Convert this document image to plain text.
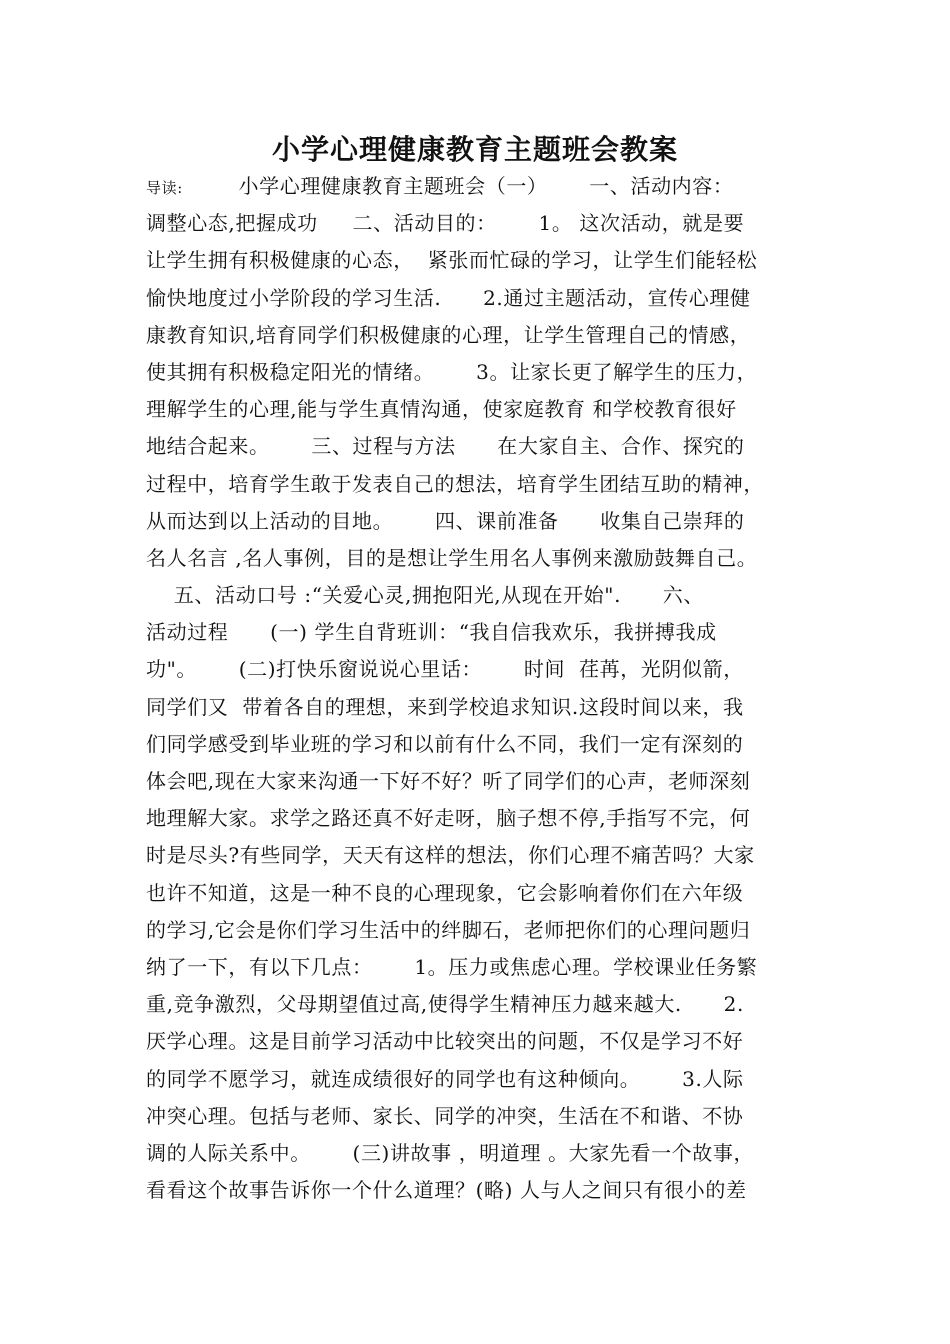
小学心理健康教育主题班会教案
导读:	小学心理健康教育主题班会（一）      一、活动内容：
调整心态,把握成功     二、活动目的：      1。 这次活动，就是要
让学生拥有积极健康的心态，  紧张而忙碌的学习，让学生们能轻松
愉快地度过小学阶段的学习生活.      2.通过主题活动，宣传心理健
康教育知识,培育同学们积极健康的心理，让学生管理自己的情感，
使其拥有积极稳定阳光的情绪。      3。让家长更了解学生的压力，
理解学生的心理,能与学生真情沟通，使家庭教育 和学校教育很好
地结合起来。      三、过程与方法      在大家自主、合作、探究的
过程中，培育学生敢于发表自己的想法，培育学生团结互助的精神，
从而达到以上活动的目地。      四、课前准备      收集自己崇拜的
名人名言 ,名人事例，目的是想让学生用名人事例来激励鼓舞自己。
五、活动口号 :“关爱心灵,拥抱阳光,从现在开始".      六、
活动过程      (一) 学生自背班训：“我自信我欢乐，我拼搏我成
功"。      (二)打快乐窗说说心里话：      时间  荏苒，光阴似箭，
同学们又  带着各自的理想，来到学校追求知识.这段时间以来，我
们同学感受到毕业班的学习和以前有什么不同，我们一定有深刻的
体会吧,现在大家来沟通一下好不好？听了同学们的心声，老师深刻
地理解大家。求学之路还真不好走呀，脑子想不停,手指写不完，何
时是尽头?有些同学，天天有这样的想法，你们心理不痛苦吗？大家
也许不知道，这是一种不良的心理现象，它会影响着你们在六年级
的学习,它会是你们学习生活中的绊脚石，老师把你们的心理问题归
纳了一下，有以下几点：      1。压力或焦虑心理。学校课业任务繁
重,竞争激烈，父母期望值过高,使得学生精神压力越来越大.      2.
厌学心理。这是目前学习活动中比较突出的问题，不仅是学习不好
的同学不愿学习，就连成绩很好的同学也有这种倾向。      3.人际
冲突心理。包括与老师、家长、同学的冲突，生活在不和谐、不协
调的人际关系中。      (三)讲故事 ，明道理 。大家先看一个故事，
看看这个故事告诉你一个什么道理？(略) 人与人之间只有很小的差
